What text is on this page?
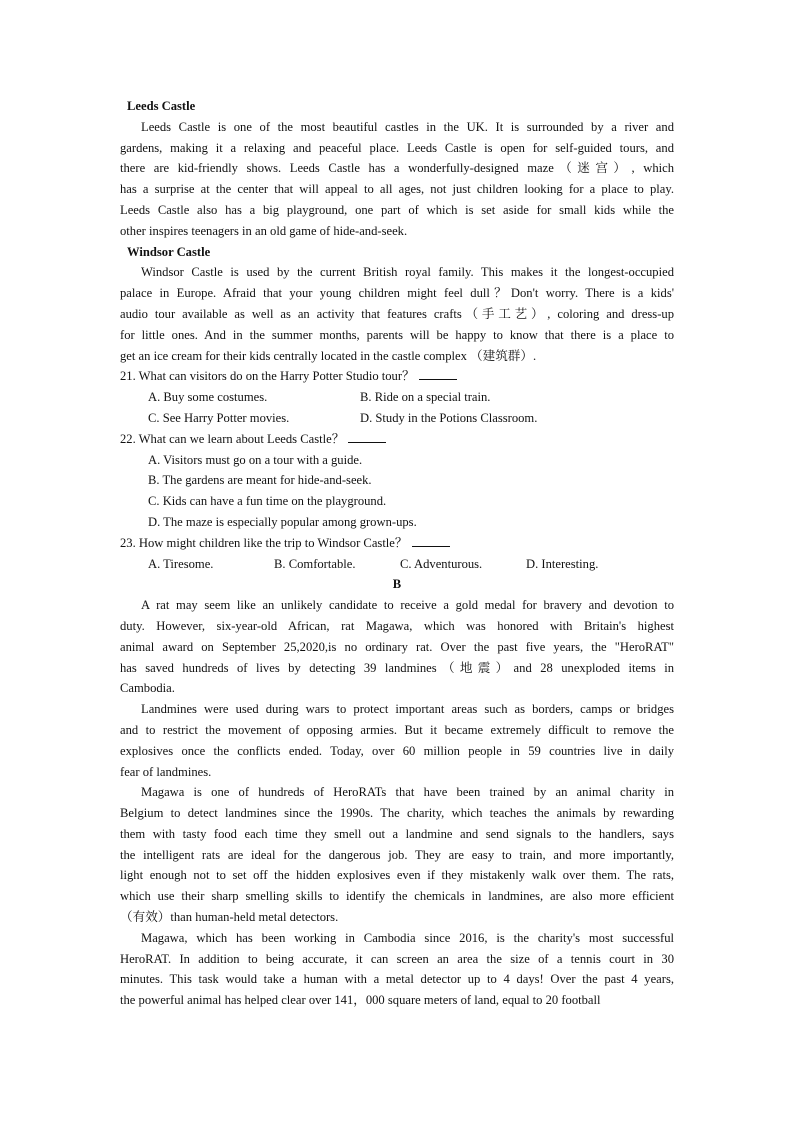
Leeds Castle
Leeds Castle is one of the most beautiful castles in the UK. It is surrounded by a river and
gardens, making it a relaxing and peaceful place. Leeds Castle is open for self-guided tours, and
there are kid-friendly shows. Leeds Castle has a wonderfully-designed maze（迷宫）, which
has a surprise at the center that will appeal to all ages, not just children looking for a place to play.
Leeds Castle also has a big playground, one part of which is set aside for small kids while the
other inspires teenagers in an old game of hide-and-seek.
Windsor Castle
Windsor Castle is used by the current British royal family. This makes it the longest-occupied
palace in Europe. Afraid that your young children might feel dull？Don't worry. There is a kids'
audio tour available as well as an activity that features crafts（手工艺）, coloring and dress-up
for little ones. And in the summer months, parents will be happy to know that there is a place to
get an ice cream for their kids centrally located in the castle complex （建筑群）.
21. What can visitors do on the Harry Potter Studio tour？
A. Buy some costumes.	B. Ride on a special train.
C. See Harry Potter movies.	D. Study in the Potions Classroom.
22. What can we learn about Leeds Castle？
A. Visitors must go on a tour with a guide.
B. The gardens are meant for hide-and-seek.
C. Kids can have a fun time on the playground.
D. The maze is especially popular among grown-ups.
23. How might children like the trip to Windsor Castle？
A. Tiresome.	B. Comfortable.	C. Adventurous.	D. Interesting.
B
A rat may seem like an unlikely candidate to receive a gold medal for bravery and devotion to
duty. However, six-year-old African, rat Magawa, which was honored with Britain's highest
animal award on September 25,2020,is no ordinary rat. Over the past five years, the "HeroRAT"
has saved hundreds of lives by detecting 39 landmines（地震）and 28 unexploded items in
Cambodia.
Landmines were used during wars to protect important areas such as borders, camps or bridges
and to restrict the movement of opposing armies. But it became extremely difficult to remove the
explosives once the conflicts ended. Today, over 60 million people in 59 countries live in daily
fear of landmines.
Magawa is one of hundreds of HeroRATs that have been trained by an animal charity in
Belgium to detect landmines since the 1990s. The charity, which teaches the animals by rewarding
them with tasty food each time they smell out a landmine and send signals to the handlers, says
the intelligent rats are ideal for the dangerous job. They are easy to train, and more importantly,
light enough not to set off the hidden explosives even if they mistakenly walk over them. The rats,
which use their sharp smelling skills to identify the chemicals in landmines, are also more efficient
（有效）than human-held metal detectors.
Magawa, which has been working in Cambodia since 2016, is the charity's most successful
HeroRAT. In addition to being accurate, it can screen an area the size of a tennis court in 30
minutes. This task would take a human with a metal detector up to 4 days! Over the past 4 years,
the powerful animal has helped clear over 141，000 square meters of land, equal to 20 football
